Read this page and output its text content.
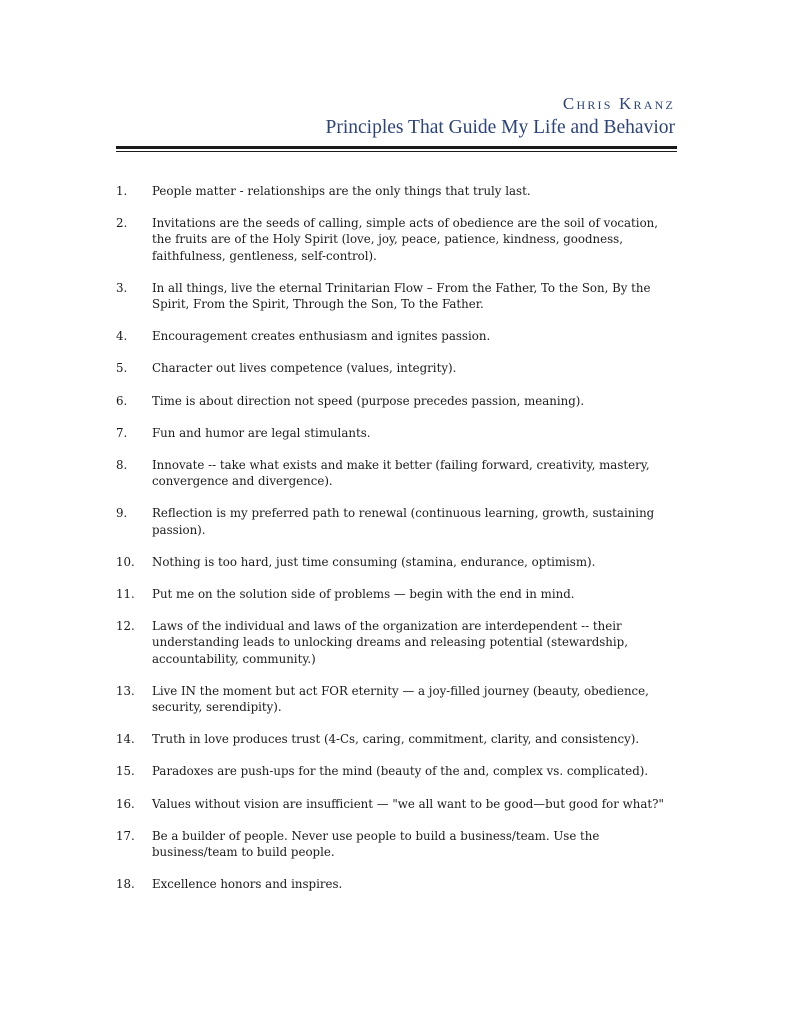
Chris Kranz
Principles That Guide My Life and Behavior
1.	People matter - relationships are the only things that truly last.
2.	Invitations are the seeds of calling, simple acts of obedience are the soil of vocation, the fruits are of the Holy Spirit (love, joy, peace, patience, kindness, goodness, faithfulness, gentleness, self-control).
3.	In all things, live the eternal Trinitarian Flow – From the Father, To the Son, By the Spirit, From the Spirit, Through the Son, To the Father.
4.	Encouragement creates enthusiasm and ignites passion.
5.	Character out lives competence (values, integrity).
6.	Time is about direction not speed (purpose precedes passion, meaning).
7.	Fun and humor are legal stimulants.
8.	Innovate -- take what exists and make it better (failing forward, creativity, mastery, convergence and divergence).
9.	Reflection is my preferred path to renewal (continuous learning, growth, sustaining passion).
10.	Nothing is too hard, just time consuming (stamina, endurance, optimism).
11.	Put me on the solution side of problems — begin with the end in mind.
12.	Laws of the individual and laws of the organization are interdependent -- their understanding leads to unlocking dreams and releasing potential (stewardship, accountability, community.)
13.	Live IN the moment but act FOR eternity — a joy-filled journey (beauty, obedience, security, serendipity).
14.	Truth in love produces trust (4-Cs, caring, commitment, clarity, and consistency).
15.	Paradoxes are push-ups for the mind (beauty of the and, complex vs. complicated).
16.	Values without vision are insufficient — "we all want to be good—but good for what?"
17.	Be a builder of people. Never use people to build a business/team. Use the business/team to build people.
18.	Excellence honors and inspires.
